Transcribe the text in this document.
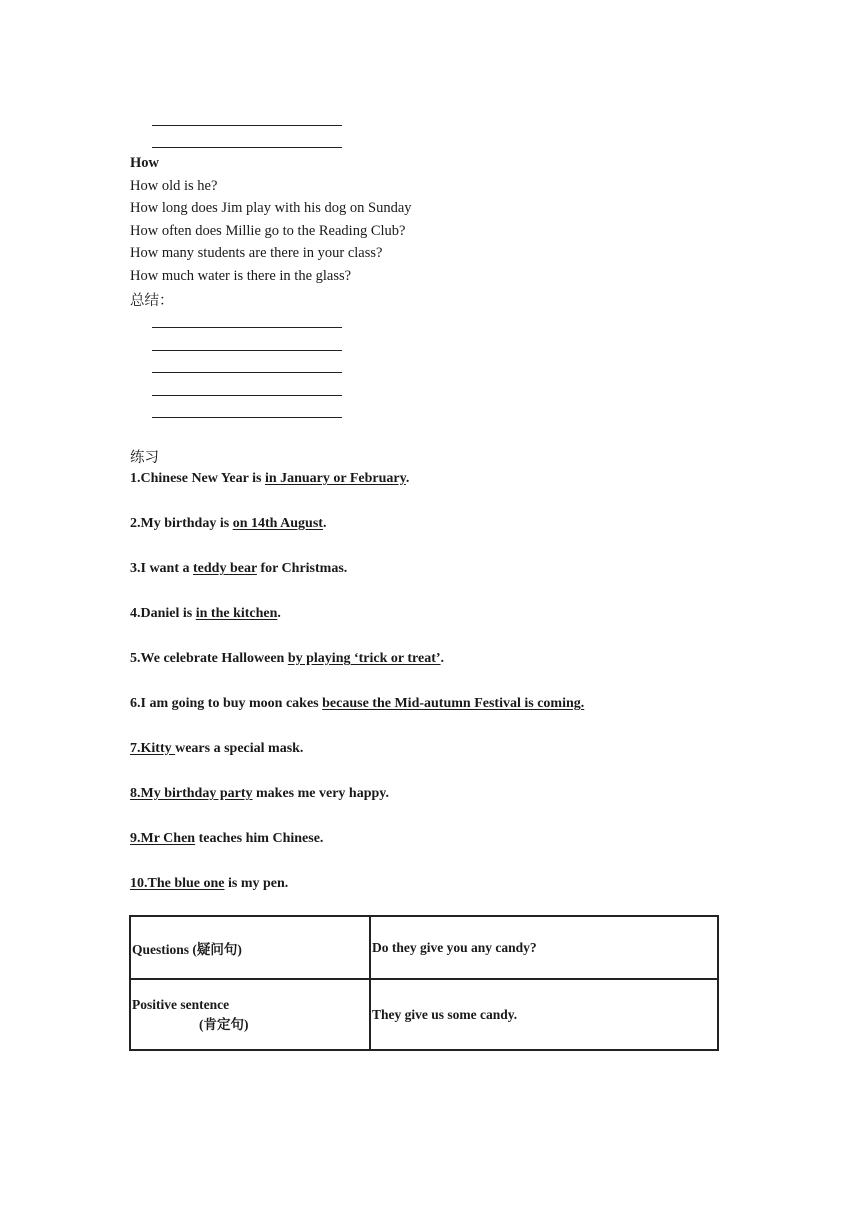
How
How old is he?
How long does Jim play with his dog on Sunday
How often does Millie go to the Reading Club?
How many students are there in your class?
How much water is there in the glass?
总结：
练习
1.Chinese New Year is in January or February.
2.My birthday is on 14th August.
3.I want a teddy bear for Christmas.
4.Daniel is in the kitchen.
5.We celebrate Halloween by playing ‘trick or treat’.
6.I am going to buy moon cakes because the Mid-autumn Festival is coming.
7.Kitty wears a special mask.
8.My birthday party makes me very happy.
9.Mr Chen teaches him Chinese.
10.The blue one is my pen.
Questions (疑问句)	Do they give you any candy?

Positive sentence
(肯定句)	They give us some candy.
